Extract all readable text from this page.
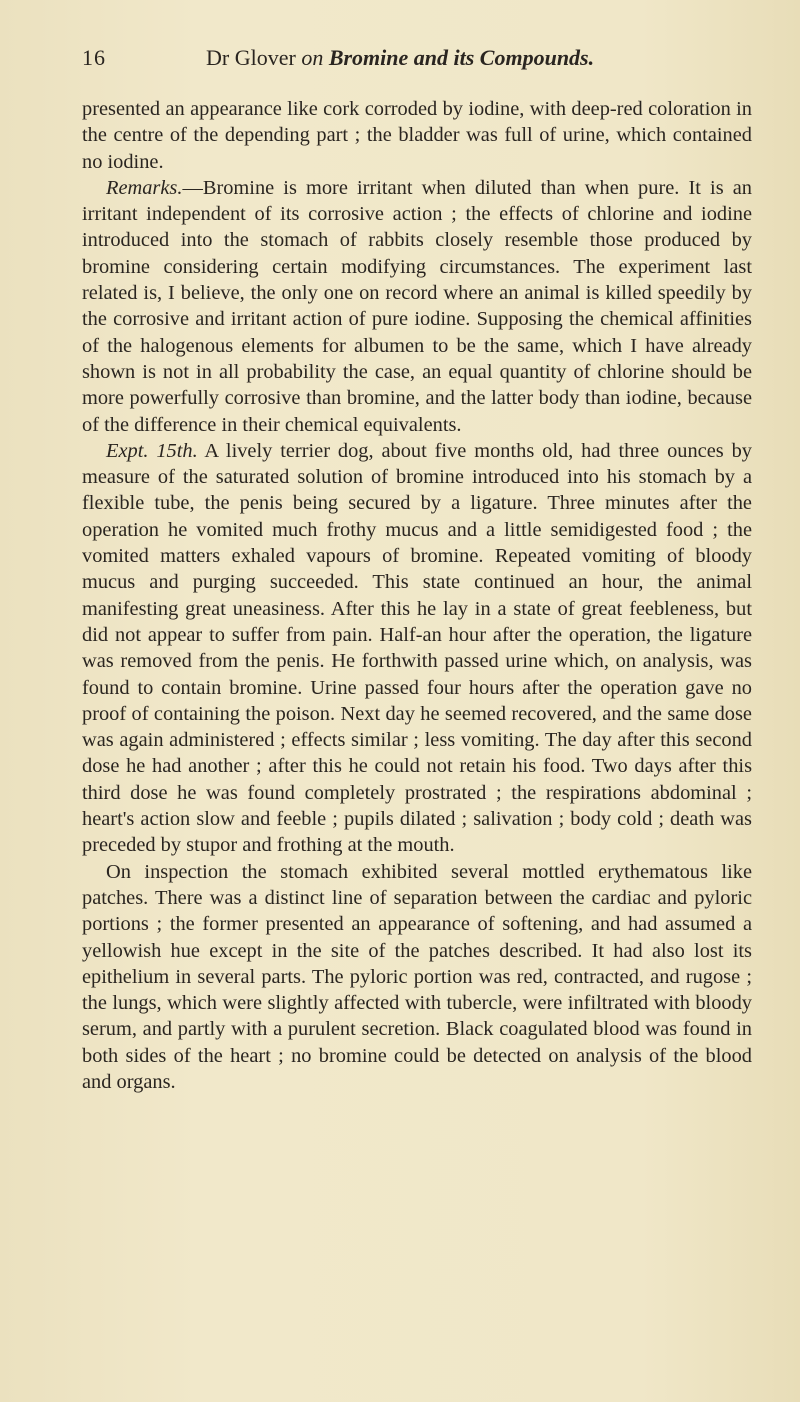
16	Dr Glover on Bromine and its Compounds.

presented an appearance like cork corroded by iodine, with deep-red coloration in the centre of the depending part ; the bladder was full of urine, which contained no iodine.

Remarks.—Bromine is more irritant when diluted than when pure. It is an irritant independent of its corrosive action ; the effects of chlorine and iodine introduced into the stomach of rabbits closely resemble those produced by bromine considering certain modifying circumstances. The experiment last related is, I believe, the only one on record where an animal is killed speedily by the corrosive and irritant action of pure iodine. Supposing the chemical affinities of the halogenous elements for albumen to be the same, which I have already shown is not in all probability the case, an equal quantity of chlorine should be more powerfully corrosive than bromine, and the latter body than iodine, because of the difference in their chemical equivalents.

Expt. 15th. A lively terrier dog, about five months old, had three ounces by measure of the saturated solution of bromine introduced into his stomach by a flexible tube, the penis being secured by a ligature. Three minutes after the operation he vomited much frothy mucus and a little semidigested food ; the vomited matters exhaled vapours of bromine. Repeated vomiting of bloody mucus and purging succeeded. This state continued an hour, the animal manifesting great uneasiness. After this he lay in a state of great feebleness, but did not appear to suffer from pain. Half-an hour after the operation, the ligature was removed from the penis. He forthwith passed urine which, on analysis, was found to contain bromine. Urine passed four hours after the operation gave no proof of containing the poison. Next day he seemed recovered, and the same dose was again administered ; effects similar ; less vomiting. The day after this second dose he had another ; after this he could not retain his food. Two days after this third dose he was found completely prostrated ; the respirations abdominal ; heart's action slow and feeble ; pupils dilated ; salivation ; body cold ; death was preceded by stupor and frothing at the mouth.

On inspection the stomach exhibited several mottled erythematous like patches. There was a distinct line of separation between the cardiac and pyloric portions ; the former presented an appearance of softening, and had assumed a yellowish hue except in the site of the patches described. It had also lost its epithelium in several parts. The pyloric portion was red, contracted, and rugose ; the lungs, which were slightly affected with tubercle, were infiltrated with bloody serum, and partly with a purulent secretion. Black coagulated blood was found in both sides of the heart ; no bromine could be detected on analysis of the blood and organs.
